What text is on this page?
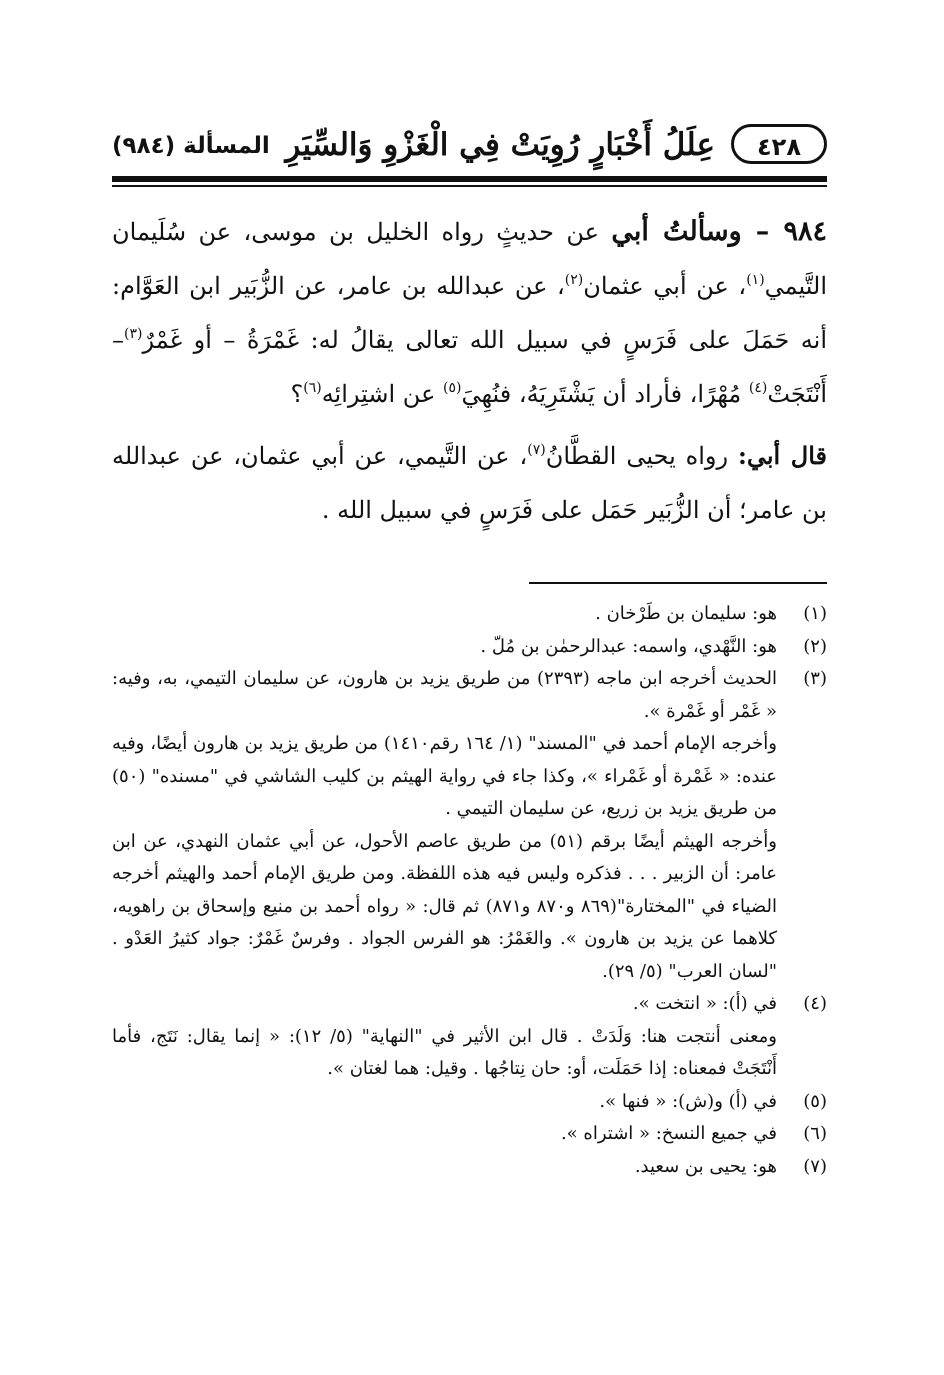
٤٢٨
عِلَلُ أَخْبَارٍ رُوِيَتْ فِي الْغَزْوِ وَالسِّيَرِ
المسألة (٩٨٤)

٩٨٤ – وسألتُ أبي عن حديثٍ رواه الخليل بن موسى، عن سُلَيمان التَّيمي$^{(١)}$، عن أبي عثمان$^{(٢)}$، عن عبدالله بن عامر، عن الزُّبَير ابن العَوَّام: أنه حَمَلَ على فَرَسٍ في سبيل الله تعالى يقالُ له: غَمْرَةُ – أو غَمْرٌ$^{(٣)}$– أَنْتَجَتْ$^{(٤)}$ مُهْرًا، فأراد أن يَشْتَرِيَهُ، فنُهِيَ$^{(٥)}$ عن اشتِرائِه$^{(٦)}$؟

قال أبي: رواه يحيى القطَّانُ$^{(٧)}$، عن التَّيمي، عن أبي عثمان، عن عبدالله بن عامر؛ أن الزُّبَير حَمَل على فَرَسٍ في سبيل الله .

(١)
هو: سليمان بن طَرْخان .
(٢)
هو: النَّهْدي، واسمه: عبدالرحمٰن بن مُلّ .
(٣)
الحديث أخرجه ابن ماجه (٢٣٩٣) من طريق يزيد بن هارون، عن سليمان التيمي، به، وفيه: « غَمْر أو غَمْرة ».
وأخرجه الإمام أحمد في "المسند" (١/ ١٦٤ رقم١٤١٠) من طريق يزيد بن هارون أيضًا، وفيه عنده: « غَمْرة أو غَمْراء »، وكذا جاء في رواية الهيثم بن كليب الشاشي في "مسنده" (٥٠) من طريق يزيد بن زريع، عن سليمان التيمي .
وأخرجه الهيثم أيضًا برقم (٥١) من طريق عاصم الأحول، عن أبي عثمان النهدي، عن ابن عامر: أن الزبير . . . فذكره وليس فيه هذه اللفظة. ومن طريق الإمام أحمد والهيثم أخرجه الضياء في "المختارة"(٨٦٩ و٨٧٠ و٨٧١) ثم قال: « رواه أحمد بن منيع وإسحاق بن راهويه، كلاهما عن يزيد بن هارون ». والغَمْرُ: هو الفرس الجواد . وفرسٌ غَمْرٌ: جواد كثيرُ العَدْو . "لسان العرب" (٥/ ٢٩).
(٤)
في (أ): « انتخت ».
ومعنى أنتجت هنا: وَلَدَتْ . قال ابن الأثير في "النهاية" (٥/ ١٢): « إنما يقال: نَتَج، فأما أَنْتَجَتْ فمعناه: إذا حَمَلَت، أو: حان نِتاجُها . وقيل: هما لغتان ».
(٥)
في (أ) و(ش): « فنها ».
(٦)
في جميع النسخ: « اشتراه ».
(٧)
هو: يحيى بن سعيد.
